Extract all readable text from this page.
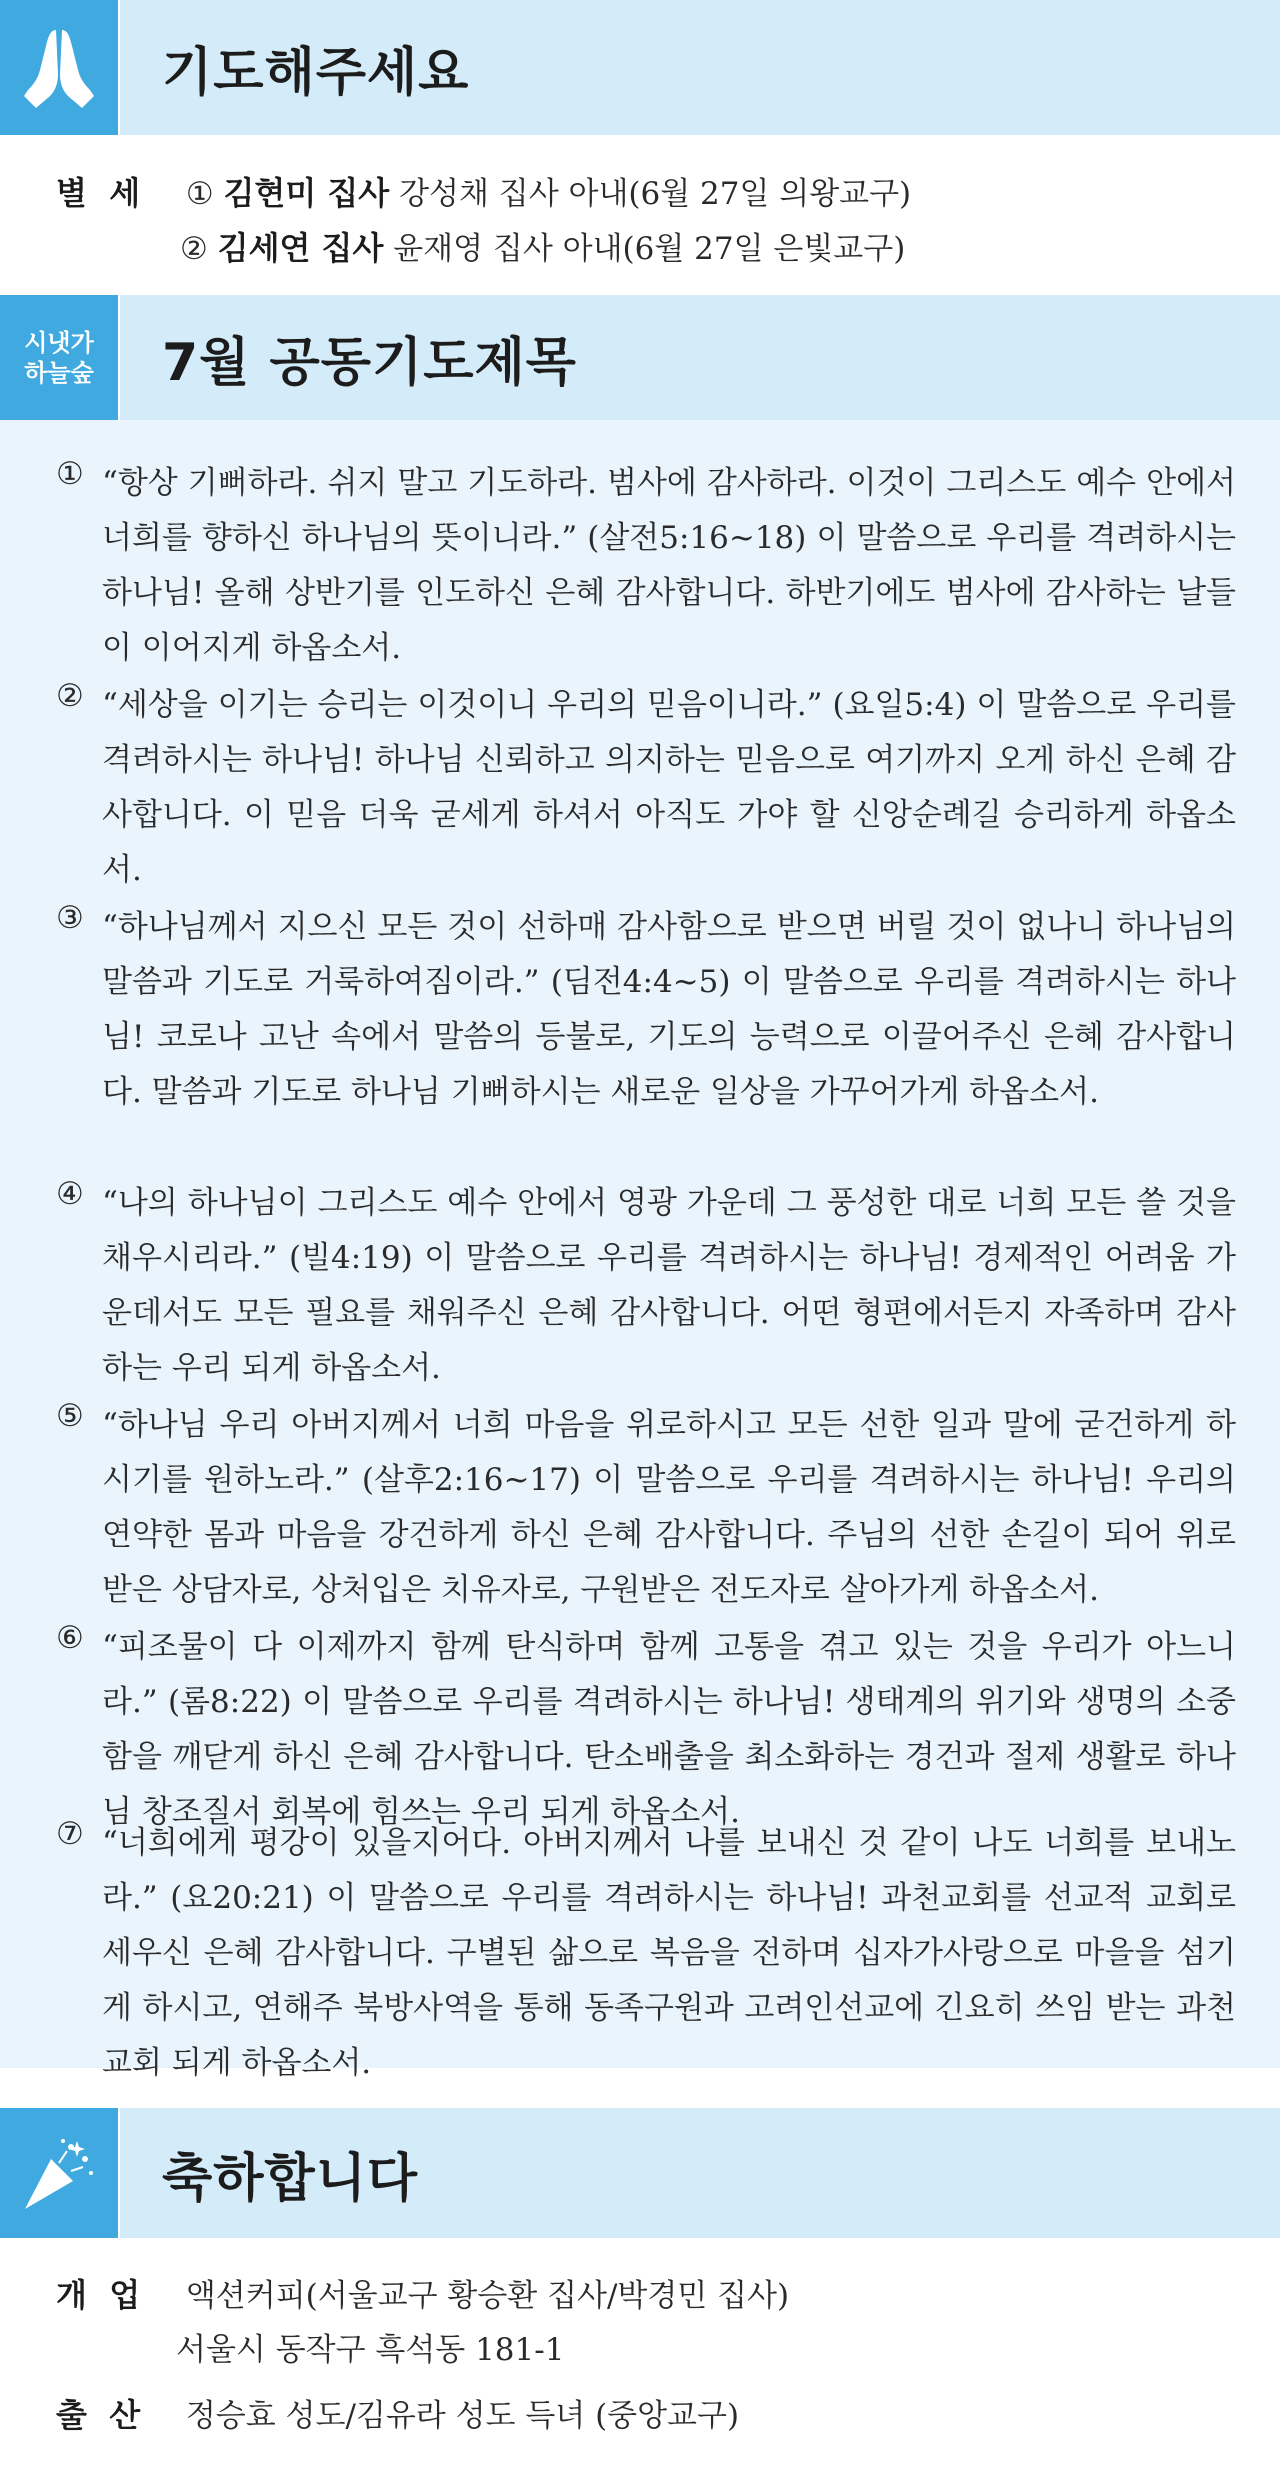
기도해주세요
별  세 ① 김현미 집사 강성채 집사 아내(6월 27일 의왕교구)
② 김세연 집사 윤재영 집사 아내(6월 27일 은빛교구)
시냇가 하늘숲 7월 공동기도제목
① “항상 기뻐하라. 쉬지 말고 기도하라. 범사에 감사하라. 이것이 그리스도 예수 안에서 너희를 향하신 하나님의 뜻이니라.” (살전5:16~18) 이 말씀으로 우리를 격려하시는 하나님! 올해 상반기를 인도하신 은혜 감사합니다. 하반기에도 범사에 감사하는 날들이 이어지게 하옵소서.
② “세상을 이기는 승리는 이것이니 우리의 믿음이니라.” (요일5:4) 이 말씀으로 우리를 격려하시는 하나님! 하나님 신뢰하고 의지하는 믿음으로 여기까지 오게 하신 은혜 감사합니다. 이 믿음 더욱 굳세게 하셔서 아직도 가야 할 신앙순례길 승리하게 하옵소서.
③ “하나님께서 지으신 모든 것이 선하매 감사함으로 받으면 버릴 것이 없나니 하나님의 말씀과 기도로 거룩하여짐이라.” (딤전4:4~5) 이 말씀으로 우리를 격려하시는 하나님! 코로나 고난 속에서 말씀의 등불로, 기도의 능력으로 이끌어주신 은혜 감사합니다. 말씀과 기도로 하나님 기뻐하시는 새로운 일상을 가꾸어가게 하옵소서.
④ “나의 하나님이 그리스도 예수 안에서 영광 가운데 그 풍성한 대로 너희 모든 쓸 것을 채우시리라.” (빌4:19) 이 말씀으로 우리를 격려하시는 하나님! 경제적인 어려움 가운데서도 모든 필요를 채워주신 은혜 감사합니다. 어떤 형편에서든지 자족하며 감사하는 우리 되게 하옵소서.
⑤ “하나님 우리 아버지께서 너희 마음을 위로하시고 모든 선한 일과 말에 굳건하게 하시기를 원하노라.” (살후2:16~17) 이 말씀으로 우리를 격려하시는 하나님! 우리의 연약한 몸과 마음을 강건하게 하신 은혜 감사합니다. 주님의 선한 손길이 되어 위로받은 상담자로, 상처입은 치유자로, 구원받은 전도자로 살아가게 하옵소서.
⑥ “피조물이 다 이제까지 함께 탄식하며 함께 고통을 겪고 있는 것을 우리가 아느니라.” (롬8:22) 이 말씀으로 우리를 격려하시는 하나님! 생태계의 위기와 생명의 소중함을 깨닫게 하신 은혜 감사합니다. 탄소배출을 최소화하는 경건과 절제 생활로 하나님 창조질서 회복에 힘쓰는 우리 되게 하옵소서.
⑦ “너희에게 평강이 있을지어다. 아버지께서 나를 보내신 것 같이 나도 너희를 보내노라.” (요20:21) 이 말씀으로 우리를 격려하시는 하나님! 과천교회를 선교적 교회로 세우신 은혜 감사합니다. 구별된 삶으로 복음을 전하며 십자가사랑으로 마을을 섬기게 하시고, 연해주 북방사역을 통해 동족구원과 고려인선교에 긴요히 쓰임 받는 과천교회 되게 하옵소서.
축하합니다
개  업 액션커피(서울교구 황승환 집사/박경민 집사)
서울시 동작구 흑석동 181-1
출  산 정승효 성도/김유라 성도 득녀 (중앙교구)
